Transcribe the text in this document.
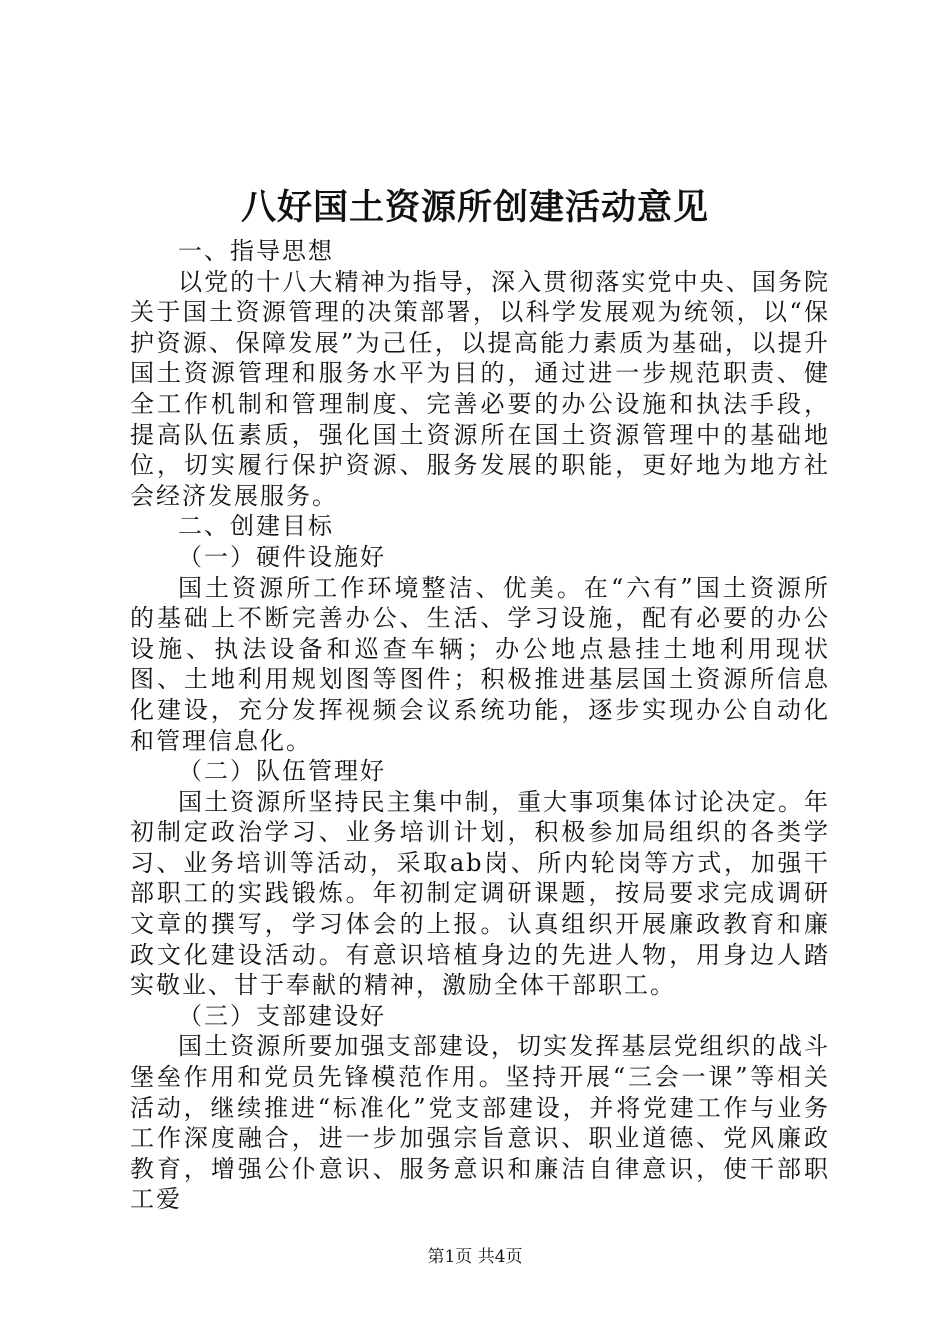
八好国土资源所创建活动意见

一、指导思想

以党的十八大精神为指导，深入贯彻落实党中央、国务院关于国土资源管理的决策部署，以科学发展观为统领，以“保护资源、保障发展”为己任，以提高能力素质为基础，以提升国土资源管理和服务水平为目的，通过进一步规范职责、健全工作机制和管理制度、完善必要的办公设施和执法手段，提高队伍素质，强化国土资源所在国土资源管理中的基础地位，切实履行保护资源、服务发展的职能，更好地为地方社会经济发展服务。

二、创建目标

（一）硬件设施好

国土资源所工作环境整洁、优美。在“六有”国土资源所的基础上不断完善办公、生活、学习设施，配有必要的办公设施、执法设备和巡查车辆；办公地点悬挂土地利用现状图、土地利用规划图等图件；积极推进基层国土资源所信息化建设，充分发挥视频会议系统功能，逐步实现办公自动化和管理信息化。

（二）队伍管理好

国土资源所坚持民主集中制，重大事项集体讨论决定。年初制定政治学习、业务培训计划，积极参加局组织的各类学习、业务培训等活动，采取ab岗、所内轮岗等方式，加强干部职工的实践锻炼。年初制定调研课题，按局要求完成调研文章的撰写，学习体会的上报。认真组织开展廉政教育和廉政文化建设活动。有意识培植身边的先进人物，用身边人踏实敬业、甘于奉献的精神，激励全体干部职工。

（三）支部建设好

国土资源所要加强支部建设，切实发挥基层党组织的战斗堡垒作用和党员先锋模范作用。坚持开展“三会一课”等相关活动，继续推进“标准化”党支部建设，并将党建工作与业务工作深度融合，进一步加强宗旨意识、职业道德、党风廉政教育，增强公仆意识、服务意识和廉洁自律意识，使干部职工爱

第1页 共4页
